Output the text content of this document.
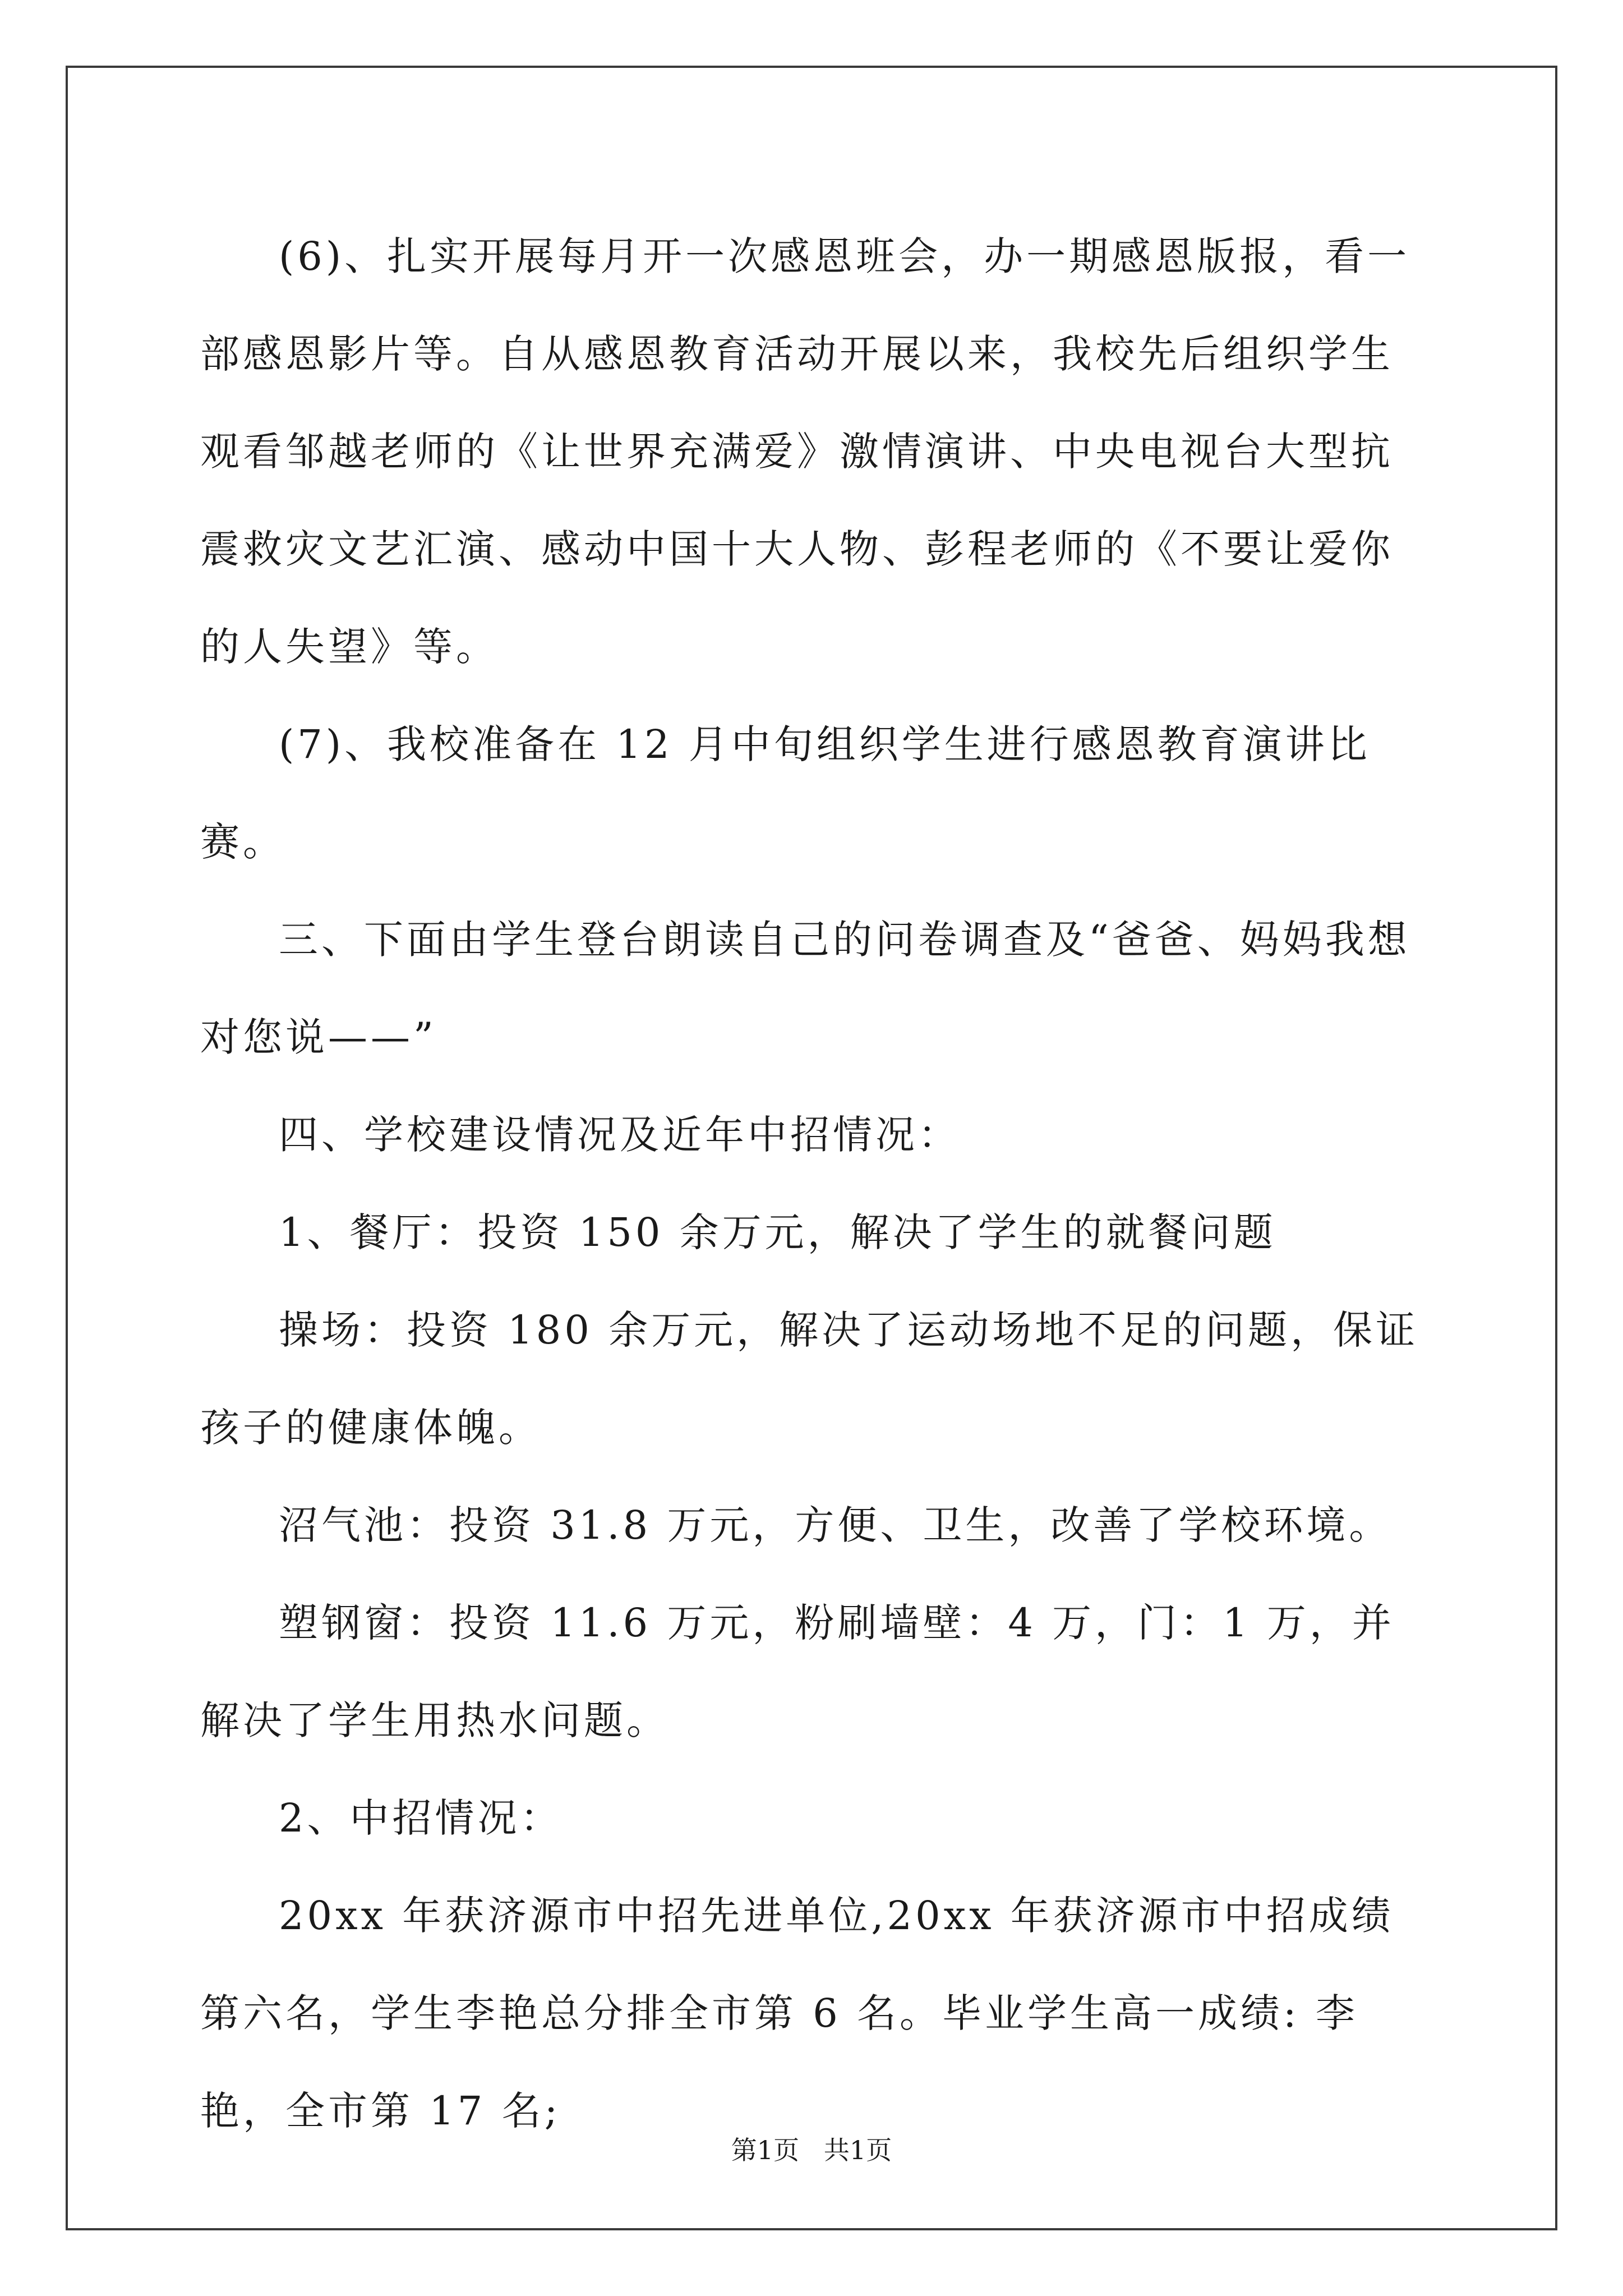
(6)、扎实开展每月开一次感恩班会，办一期感恩版报，看一部感恩影片等。自从感恩教育活动开展以来，我校先后组织学生观看邹越老师的《让世界充满爱》激情演讲、中央电视台大型抗震救灾文艺汇演、感动中国十大人物、彭程老师的《不要让爱你的人失望》等。

(7)、我校准备在 12 月中旬组织学生进行感恩教育演讲比赛。

三、下面由学生登台朗读自己的问卷调查及“爸爸、妈妈我想对您说——”

四、学校建设情况及近年中招情况：

1、餐厅：投资 150 余万元，解决了学生的就餐问题

操场：投资 180 余万元，解决了运动场地不足的问题，保证孩子的健康体魄。

沼气池：投资 31.8 万元，方便、卫生，改善了学校环境。

塑钢窗：投资 11.6 万元，粉刷墙壁：4 万，门：1 万，并解决了学生用热水问题。

2、中招情况：

20xx 年获济源市中招先进单位,20xx 年获济源市中招成绩第六名，学生李艳总分排全市第 6 名。毕业学生高一成绩: 李艳，全市第 17 名;

第1页   共1页
